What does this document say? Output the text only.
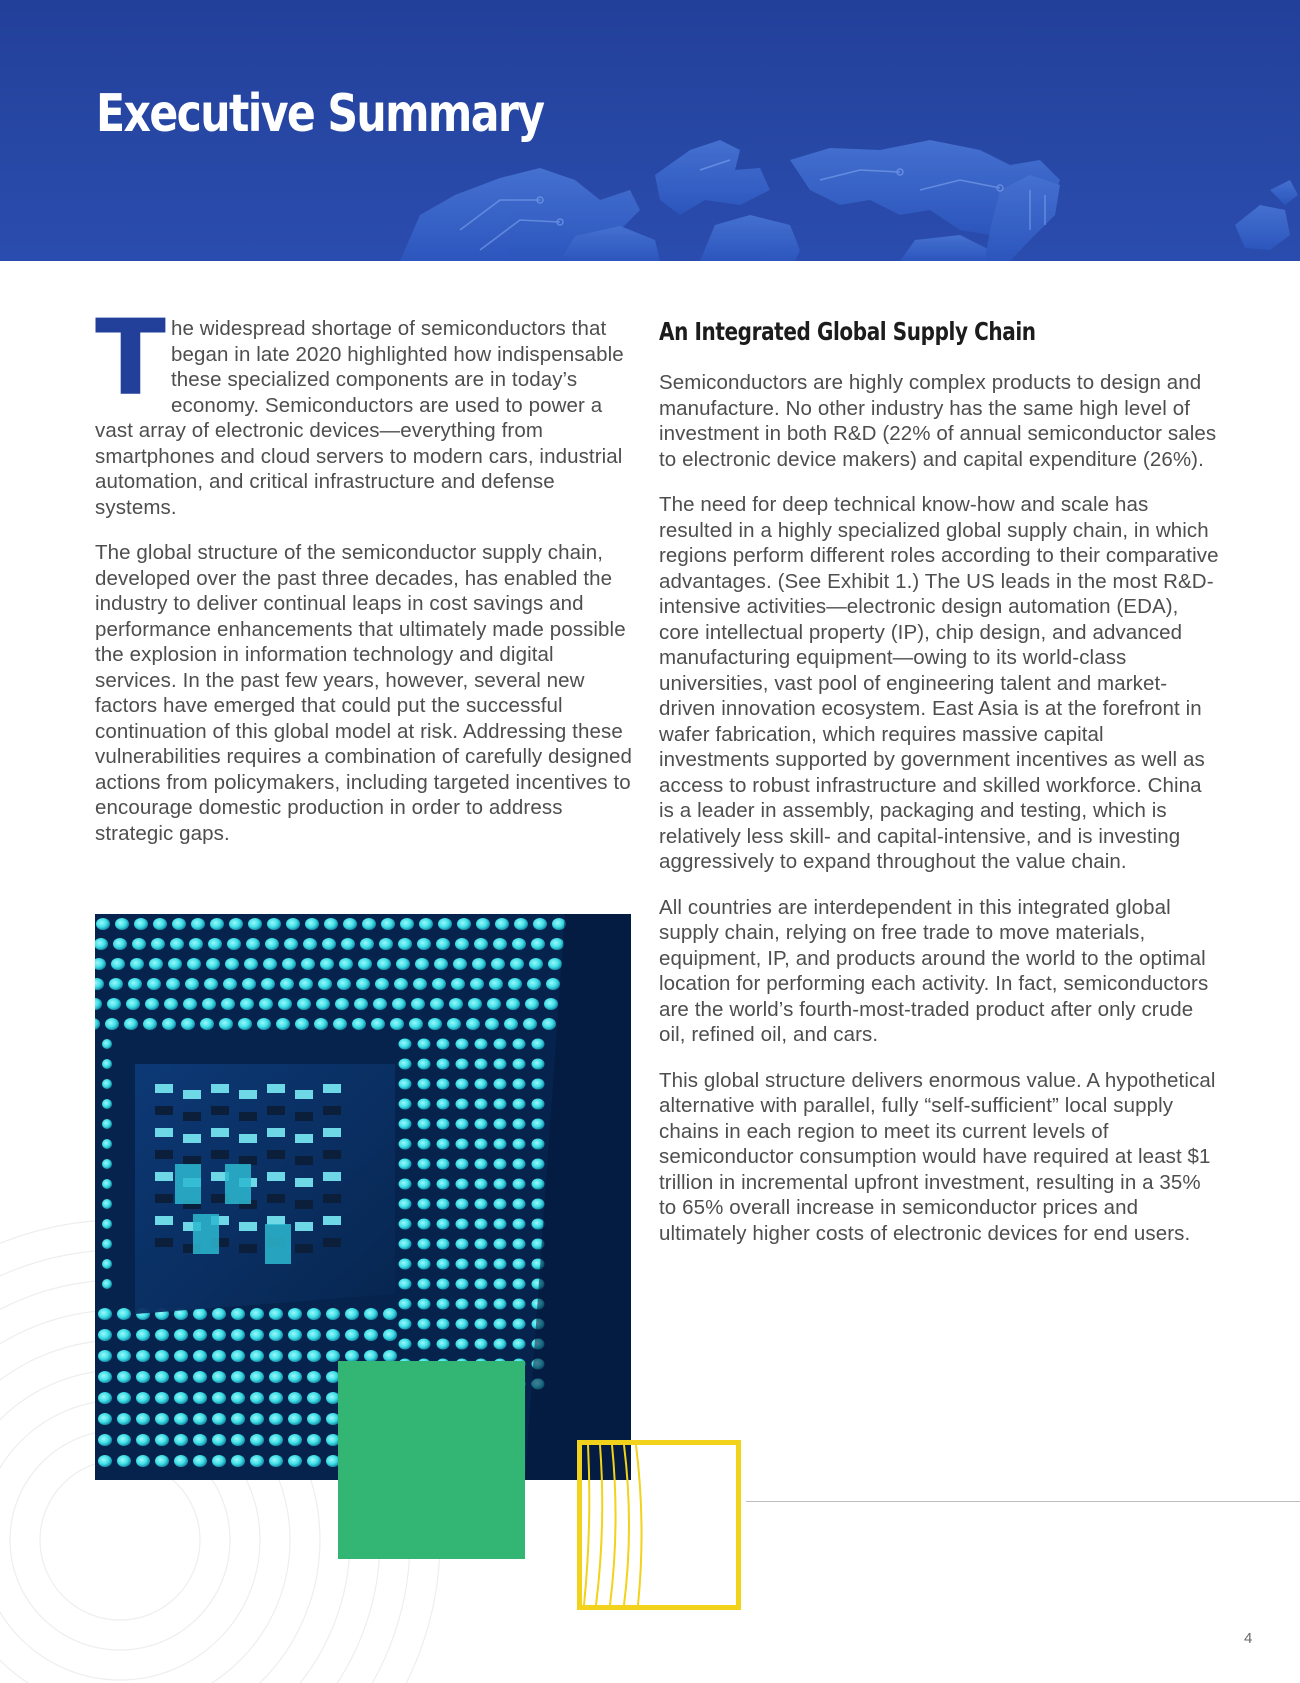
Executive Summary

The widespread shortage of semiconductors that began in late 2020 highlighted how indispensable these specialized components are in today’s economy. Semiconductors are used to power a vast array of electronic devices—everything from smartphones and cloud servers to modern cars, industrial automation, and critical infrastructure and defense systems.

The global structure of the semiconductor supply chain, developed over the past three decades, has enabled the industry to deliver continual leaps in cost savings and performance enhancements that ultimately made possible the explosion in information technology and digital services. In the past few years, however, several new factors have emerged that could put the successful continuation of this global model at risk. Addressing these vulnerabilities requires a combination of carefully designed actions from policymakers, including targeted incentives to encourage domestic production in order to address strategic gaps.

An Integrated Global Supply Chain

Semiconductors are highly complex products to design and manufacture. No other industry has the same high level of investment in both R&D (22% of annual semiconductor sales to electronic device makers) and capital expenditure (26%).

The need for deep technical know-how and scale has resulted in a highly specialized global supply chain, in which regions perform different roles according to their comparative advantages. (See Exhibit 1.) The US leads in the most R&D-intensive activities—electronic design automation (EDA), core intellectual property (IP), chip design, and advanced manufacturing equipment—owing to its world-class universities, vast pool of engineering talent and market-driven innovation ecosystem. East Asia is at the forefront in wafer fabrication, which requires massive capital investments supported by government incentives as well as access to robust infrastructure and skilled workforce. China is a leader in assembly, packaging and testing, which is relatively less skill- and capital-intensive, and is investing aggressively to expand throughout the value chain.

All countries are interdependent in this integrated global supply chain, relying on free trade to move materials, equipment, IP, and products around the world to the optimal location for performing each activity. In fact, semiconductors are the world’s fourth-most-traded product after only crude oil, refined oil, and cars.

This global structure delivers enormous value. A hypothetical alternative with parallel, fully “self-sufficient” local supply chains in each region to meet its current levels of semiconductor consumption would have required at least $1 trillion in incremental upfront investment, resulting in a 35% to 65% overall increase in semiconductor prices and ultimately higher costs of electronic devices for end users.

4
